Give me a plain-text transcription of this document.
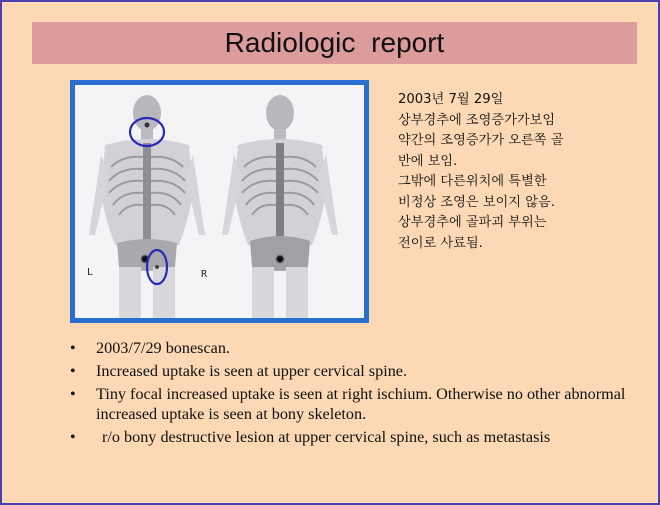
Radiologic report
L	R
2003년 7월 29일
상부경추에 조영증가가보임
약간의 조영증가가 오른쪽 골
반에 보임.
그밖에 다른위치에 특별한
비정상 조영은 보이지 않음.
상부경추에 골파괴 부위는
전이로 사료됨.
• 2003/7/29 bonescan.
• Increased uptake is seen at upper cervical spine.
• Tiny focal increased uptake is seen at right ischium. Otherwise no other abnormal increased uptake is seen at bony skeleton.
• r/o bony destructive lesion at upper cervical spine, such as metastasis
